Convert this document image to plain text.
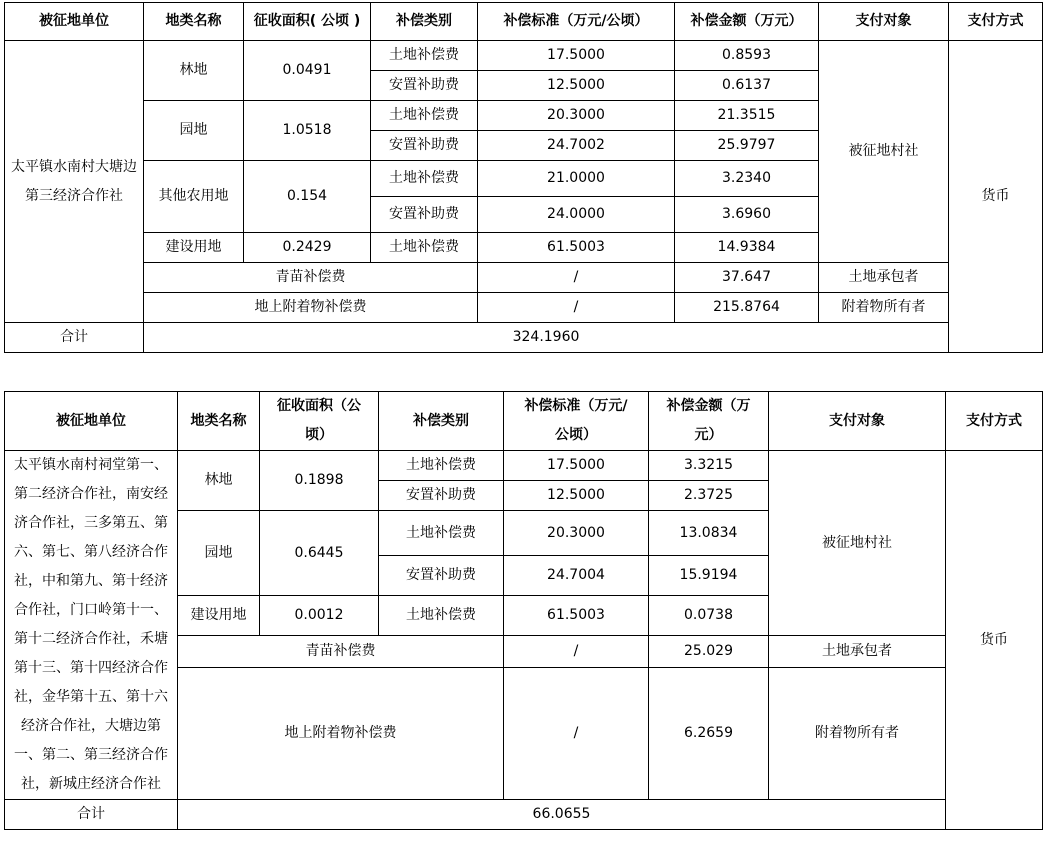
被征地单位	地类名称	征收面积( 公顷 )	补偿类别	补偿标准（万元/公顷）	补偿金额（万元）	支付对象	支付方式
太平镇水南村大塘边第三经济合作社	林地	0.0491	土地补偿费	17.5000	0.8593	被征地村社	货币
			安置补助费	12.5000	0.6137		
	园地	1.0518	土地补偿费	20.3000	21.3515		
			安置补助费	24.7002	25.9797		
	其他农用地	0.154	土地补偿费	21.0000	3.2340		
			安置补助费	24.0000	3.6960		
	建设用地	0.2429	土地补偿费	61.5003	14.9384		
	青苗补偿费			/	37.647	土地承包者	
	地上附着物补偿费			/	215.8764	附着物所有者	
合计	324.1960						
被征地单位	地类名称	征收面积（公顷）	补偿类别	补偿标准（万元/公顷）	补偿金额（万元）	支付对象	支付方式
太平镇水南村祠堂第一、第二经济合作社，南安经济合作社，三多第五、第六、第七、第八经济合作社，中和第九、第十经济合作社，门口岭第十一、第十二经济合作社，禾塘第十三、第十四经济合作社，金华第十五、第十六经济合作社，大塘边第一、第二、第三经济合作社，新城庄经济合作社	林地	0.1898	土地补偿费	17.5000	3.3215	被征地村社	货币
			安置补助费	12.5000	2.3725		
	园地	0.6445	土地补偿费	20.3000	13.0834		
			安置补助费	24.7004	15.9194		
	建设用地	0.0012	土地补偿费	61.5003	0.0738		
	青苗补偿费			/	25.029	土地承包者	
	地上附着物补偿费			/	6.2659	附着物所有者	

合计	66.0655						
